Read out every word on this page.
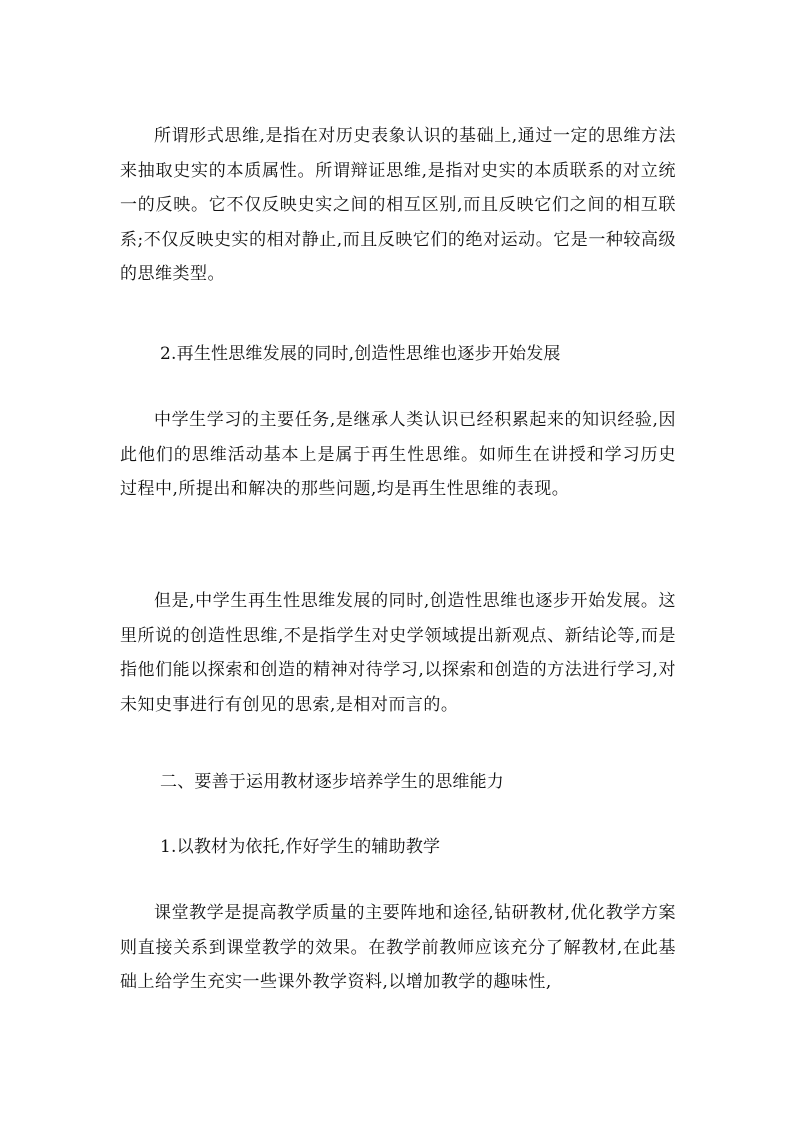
所谓形式思维,是指在对历史表象认识的基础上,通过一定的思维方法来抽取史实的本质属性。所谓辩证思维,是指对史实的本质联系的对立统一的反映。它不仅反映史实之间的相互区别,而且反映它们之间的相互联系;不仅反映史实的相对静止,而且反映它们的绝对运动。它是一种较高级的思维类型。

2.再生性思维发展的同时,创造性思维也逐步开始发展

中学生学习的主要任务,是继承人类认识已经积累起来的知识经验,因此他们的思维活动基本上是属于再生性思维。如师生在讲授和学习历史过程中,所提出和解决的那些问题,均是再生性思维的表现。

但是,中学生再生性思维发展的同时,创造性思维也逐步开始发展。这里所说的创造性思维,不是指学生对史学领域提出新观点、新结论等,而是指他们能以探索和创造的精神对待学习,以探索和创造的方法进行学习,对未知史事进行有创见的思索,是相对而言的。

二、要善于运用教材逐步培养学生的思维能力

1.以教材为依托,作好学生的辅助教学

课堂教学是提高教学质量的主要阵地和途径,钻研教材,优化教学方案则直接关系到课堂教学的效果。在教学前教师应该充分了解教材,在此基础上给学生充实一些课外教学资料,以增加教学的趣味性,
